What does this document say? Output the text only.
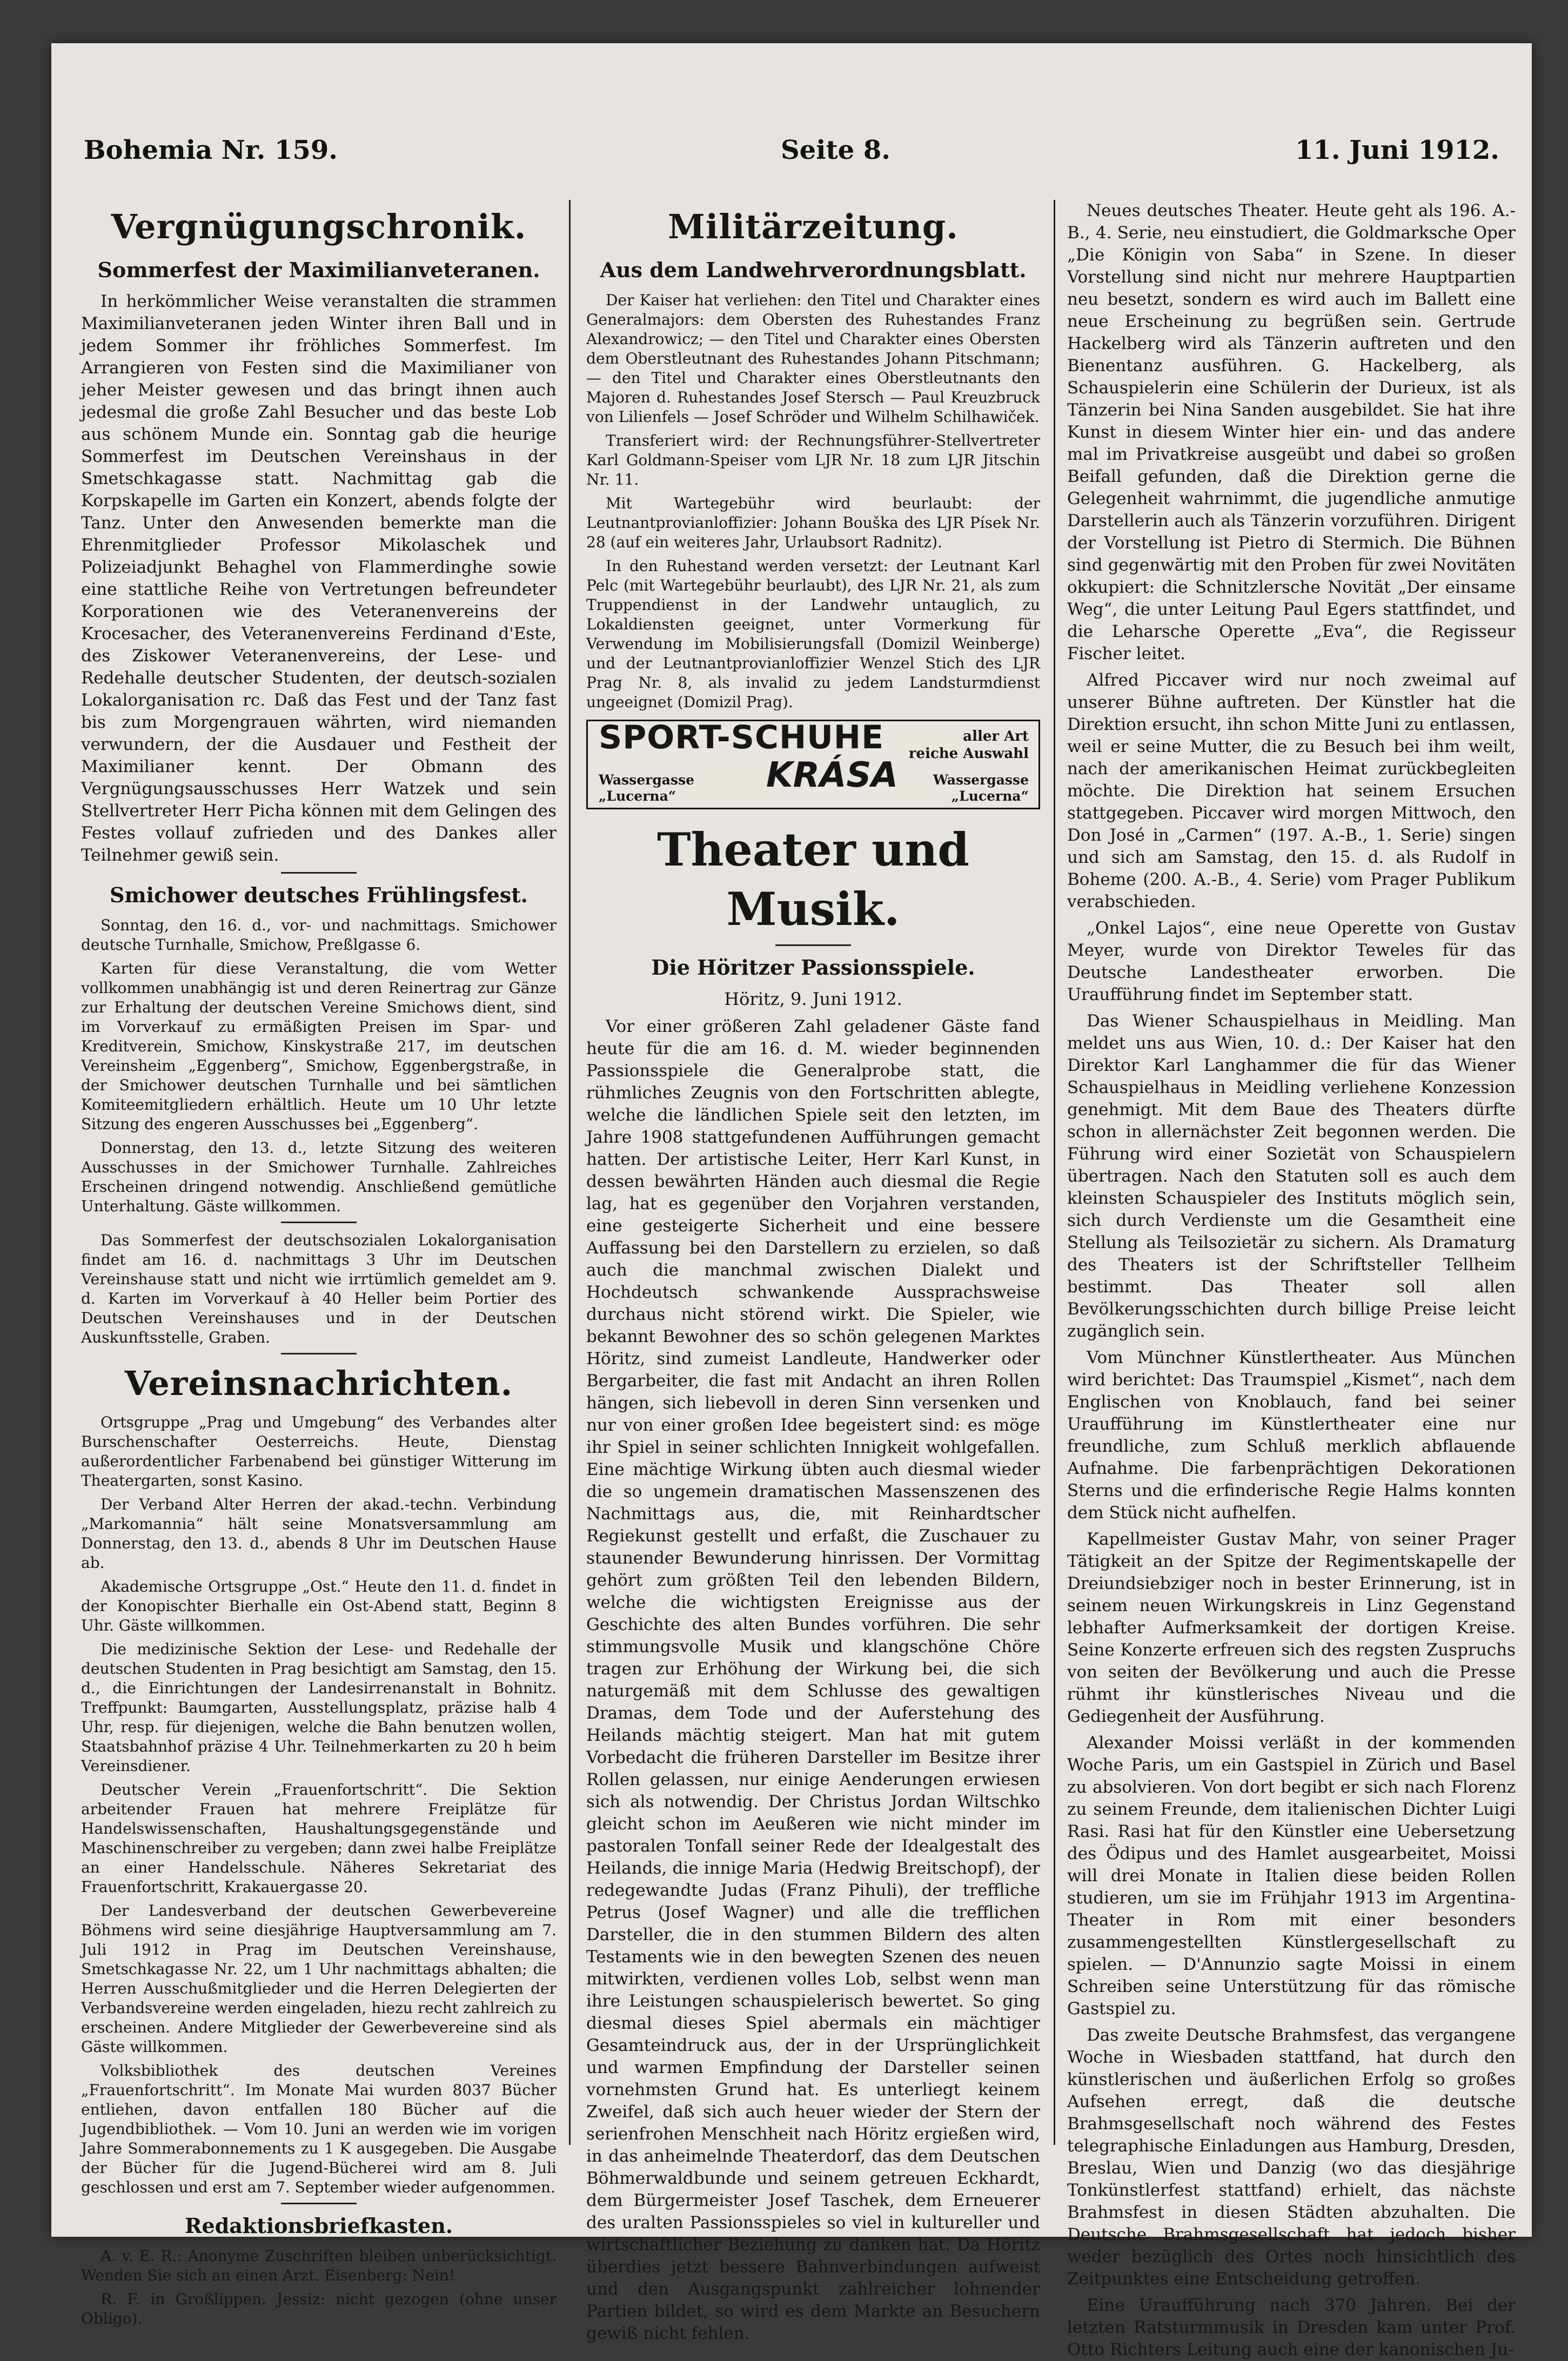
Bohemia Nr. 159.	Seite 8.	11. Juni 1912.
Vergnügungschronik.
Sommerfest der Maximilianveteranen.

In herkömmlicher Weise veranstalten die strammen Maximilianveteranen jeden Winter ihren Ball und in jedem Sommer ihr fröhliches Sommerfest. Im Arrangieren von Festen sind die Maximilianer von jeher Meister gewesen und das bringt ihnen auch jedesmal die große Zahl Besucher und das beste Lob aus schönem Munde ein. Sonntag gab die heurige Sommerfest im Deutschen Vereinshaus in der Smetschkagasse statt. Nachmittag gab die Korpskapelle im Garten ein Konzert, abends folgte der Tanz. Unter den Anwesenden bemerkte man die Ehrenmitglieder Professor Mikolaschek und Polizeiadjunkt Behaghel von Flammerdinghe sowie eine stattliche Reihe von Vertretungen befreundeter Korporationen wie des Veteranenvereins der Krocesacher, des Veteranenvereins Ferdinand d'Este, des Ziskower Veteranenvereins, der Lese- und Redehalle deutscher Studenten, der deutsch-sozialen Lokalorganisation rc. Daß das Fest und der Tanz fast bis zum Morgengrauen währten, wird niemanden verwundern, der die Ausdauer und Festheit der Maximilianer kennt. Der Obmann des Vergnügungsausschusses Herr Watzek und sein Stellvertreter Herr Picha können mit dem Gelingen des Festes vollauf zufrieden und des Dankes aller Teilnehmer gewiß sein.

Smichower deutsches Frühlingsfest.

Sonntag, den 16. d., vor- und nachmittags. Smichower deutsche Turnhalle, Smichow, Preßlgasse 6.

Karten für diese Veranstaltung, die vom Wetter vollkommen unabhängig ist und deren Reinertrag zur Gänze zur Erhaltung der deutschen Vereine Smichows dient, sind im Vorverkauf zu ermäßigten Preisen im Spar- und Kreditverein, Smichow, Kinskystraße 217, im deutschen Vereinsheim „Eggenberg“, Smichow, Eggenbergstraße, in der Smichower deutschen Turnhalle und bei sämtlichen Komiteemitgliedern erhältlich. Heute um 10 Uhr letzte Sitzung des engeren Ausschusses bei „Eggenberg“.

Donnerstag, den 13. d., letzte Sitzung des weiteren Ausschusses in der Smichower Turnhalle. Zahlreiches Erscheinen dringend notwendig. Anschließend gemütliche Unterhaltung. Gäste willkommen.

Das Sommerfest der deutschsozialen Lokalorganisation findet am 16. d. nachmittags 3 Uhr im Deutschen Vereinshause statt und nicht wie irrtümlich gemeldet am 9. d. Karten im Vorverkauf à 40 Heller beim Portier des Deutschen Vereinshauses und in der Deutschen Auskunftsstelle, Graben.

Vereinsnachrichten.

Ortsgruppe „Prag und Umgebung“ des Verbandes alter Burschenschafter Oesterreichs. Heute, Dienstag außerordentlicher Farbenabend bei günstiger Witterung im Theatergarten, sonst Kasino.

Der Verband Alter Herren der akad.-techn. Verbindung „Markomannia“ hält seine Monatsversammlung am Donnerstag, den 13. d., abends 8 Uhr im Deutschen Hause ab.

Akademische Ortsgruppe „Ost.“ Heute den 11. d. findet in der Konopischter Bierhalle ein Ost-Abend statt, Beginn 8 Uhr. Gäste willkommen.

Die medizinische Sektion der Lese- und Redehalle der deutschen Studenten in Prag besichtigt am Samstag, den 15. d., die Einrichtungen der Landesirrenanstalt in Bohnitz. Treffpunkt: Baumgarten, Ausstellungsplatz, präzise halb 4 Uhr, resp. für diejenigen, welche die Bahn benutzen wollen, Staatsbahnhof präzise 4 Uhr. Teilnehmerkarten zu 20 h beim Vereinsdiener.

Deutscher Verein „Frauenfortschritt“. Die Sektion arbeitender Frauen hat mehrere Freiplätze für Handelswissenschaften, Haushaltungsgegenstände und Maschinenschreiber zu vergeben; dann zwei halbe Freiplätze an einer Handelsschule. Näheres Sekretariat des Frauenfortschritt, Krakauergasse 20.

Der Landesverband der deutschen Gewerbevereine Böhmens wird seine diesjährige Hauptversammlung am 7. Juli 1912 in Prag im Deutschen Vereinshause, Smetschkagasse Nr. 22, um 1 Uhr nachmittags abhalten; die Herren Ausschußmitglieder und die Herren Delegierten der Verbandsvereine werden eingeladen, hiezu recht zahlreich zu erscheinen. Andere Mitglieder der Gewerbevereine sind als Gäste willkommen.

Volksbibliothek des deutschen Vereines „Frauenfortschritt“. Im Monate Mai wurden 8037 Bücher entliehen, davon entfallen 180 Bücher auf die Jugendbibliothek. — Vom 10. Juni an werden wie im vorigen Jahre Sommerabonnements zu 1 K ausgegeben. Die Ausgabe der Bücher für die Jugend-Bücherei wird am 8. Juli geschlossen und erst am 7. September wieder aufgenommen.

Redaktionsbriefkasten.

A. v. E. R.: Anonyme Zuschriften bleiben unberücksichtigt. Wenden Sie sich an einen Arzt. Eisenberg: Nein!

R. F. in Großlippen. Jessiz: nicht gezogen (ohne unser Obligo).

Militärzeitung.
Aus dem Landwehrverordnungsblatt.

Der Kaiser hat verliehen: den Titel und Charakter eines Generalmajors: dem Obersten des Ruhestandes Franz Alexandrowicz; — den Titel und Charakter eines Obersten dem Oberstleutnant des Ruhestandes Johann Pitschmann; — den Titel und Charakter eines Oberstleutnants den Majoren d. Ruhestandes Josef Stersch — Paul Kreuzbruck von Lilienfels — Josef Schröder und Wilhelm Schilhawiček.

Transferiert wird: der Rechnungsführer-Stellvertreter Karl Goldmann-Speiser vom LJR Nr. 18 zum LJR Jitschin Nr. 11.

Mit Wartegebühr wird beurlaubt: der Leutnantprovianloffizier: Johann Bouška des LJR Písek Nr. 28 (auf ein weiteres Jahr, Urlaubsort Radnitz).

In den Ruhestand werden versetzt: der Leutnant Karl Pelc (mit Wartegebühr beurlaubt), des LJR Nr. 21, als zum Truppendienst in der Landwehr untauglich, zu Lokaldiensten geeignet, unter Vormerkung für Verwendung im Mobilisierungsfall (Domizil Weinberge) und der Leutnantprovianloffizier Wenzel Stich des LJR Prag Nr. 8, als invalid zu jedem Landsturmdienst ungeeignet (Domizil Prag).

SPORT-SCHUHE
KRÁSA
aller Art
reiche Auswahl
Wassergasse
„Lucerna“
Wassergasse
„Lucerna“
Theater und Musik.
Die Höritzer Passionsspiele.
Höritz, 9. Juni 1912.

Vor einer größeren Zahl geladener Gäste fand heute für die am 16. d. M. wieder beginnenden Passionsspiele die Generalprobe statt, die rühmliches Zeugnis von den Fortschritten ablegte, welche die ländlichen Spiele seit den letzten, im Jahre 1908 stattgefundenen Aufführungen gemacht hatten. Der artistische Leiter, Herr Karl Kunst, in dessen bewährten Händen auch diesmal die Regie lag, hat es gegenüber den Vorjahren verstanden, eine gesteigerte Sicherheit und eine bessere Auffassung bei den Darstellern zu erzielen, so daß auch die manchmal zwischen Dialekt und Hochdeutsch schwankende Aussprachsweise durchaus nicht störend wirkt. Die Spieler, wie bekannt Bewohner des so schön gelegenen Marktes Höritz, sind zumeist Landleute, Handwerker oder Bergarbeiter, die fast mit Andacht an ihren Rollen hängen, sich liebevoll in deren Sinn versenken und nur von einer großen Idee begeistert sind: es möge ihr Spiel in seiner schlichten Innigkeit wohlgefallen. Eine mächtige Wirkung übten auch diesmal wieder die so ungemein dramatischen Massenszenen des Nachmittags aus, die, mit Reinhardtscher Regiekunst gestellt und erfaßt, die Zuschauer zu staunender Bewunderung hinrissen. Der Vormittag gehört zum größten Teil den lebenden Bildern, welche die wichtigsten Ereignisse aus der Geschichte des alten Bundes vorführen. Die sehr stimmungsvolle Musik und klangschöne Chöre tragen zur Erhöhung der Wirkung bei, die sich naturgemäß mit dem Schlusse des gewaltigen Dramas, dem Tode und der Auferstehung des Heilands mächtig steigert. Man hat mit gutem Vorbedacht die früheren Darsteller im Besitze ihrer Rollen gelassen, nur einige Aenderungen erwiesen sich als notwendig. Der Christus Jordan Wiltschko gleicht schon im Aeußeren wie nicht minder im pastoralen Tonfall seiner Rede der Idealgestalt des Heilands, die innige Maria (Hedwig Breitschopf), der redegewandte Judas (Franz Pihuli), der treffliche Petrus (Josef Wagner) und alle die trefflichen Darsteller, die in den stummen Bildern des alten Testaments wie in den bewegten Szenen des neuen mitwirkten, verdienen volles Lob, selbst wenn man ihre Leistungen schauspielerisch bewertet. So ging diesmal dieses Spiel abermals ein mächtiger Gesamteindruck aus, der in der Ursprünglichkeit und warmen Empfindung der Darsteller seinen vornehmsten Grund hat. Es unterliegt keinem Zweifel, daß sich auch heuer wieder der Stern der serienfrohen Menschheit nach Höritz ergießen wird, in das anheimelnde Theaterdorf, das dem Deutschen Böhmerwaldbunde und seinem getreuen Eckhardt, dem Bürgermeister Josef Taschek, dem Erneuerer des uralten Passionsspieles so viel in kultureller und wirtschaftlicher Beziehung zu danken hat. Da Höritz überdies jetzt bessere Bahnverbindungen aufweist und den Ausgangspunkt zahlreicher lohnender Partien bildet, so wird es dem Markte an Besuchern gewiß nicht fehlen.

Neues deutsches Theater. Heute geht als 196. A.-B., 4. Serie, neu einstudiert, die Goldmarksche Oper „Die Königin von Saba“ in Szene. In dieser Vorstellung sind nicht nur mehrere Hauptpartien neu besetzt, sondern es wird auch im Ballett eine neue Erscheinung zu begrüßen sein. Gertrude Hackelberg wird als Tänzerin auftreten und den Bienentanz ausführen. G. Hackelberg, als Schauspielerin eine Schülerin der Durieux, ist als Tänzerin bei Nina Sanden ausgebildet. Sie hat ihre Kunst in diesem Winter hier ein- und das andere mal im Privatkreise ausgeübt und dabei so großen Beifall gefunden, daß die Direktion gerne die Gelegenheit wahrnimmt, die jugendliche anmutige Darstellerin auch als Tänzerin vorzuführen. Dirigent der Vorstellung ist Pietro di Stermich. Die Bühnen sind gegenwärtig mit den Proben für zwei Novitäten okkupiert: die Schnitzlersche Novität „Der einsame Weg“, die unter Leitung Paul Egers stattfindet, und die Leharsche Operette „Eva“, die Regisseur Fischer leitet.

Alfred Piccaver wird nur noch zweimal auf unserer Bühne auftreten. Der Künstler hat die Direktion ersucht, ihn schon Mitte Juni zu entlassen, weil er seine Mutter, die zu Besuch bei ihm weilt, nach der amerikanischen Heimat zurückbegleiten möchte. Die Direktion hat seinem Ersuchen stattgegeben. Piccaver wird morgen Mittwoch, den Don José in „Carmen“ (197. A.-B., 1. Serie) singen und sich am Samstag, den 15. d. als Rudolf in Boheme (200. A.-B., 4. Serie) vom Prager Publikum verabschieden.

„Onkel Lajos“, eine neue Operette von Gustav Meyer, wurde von Direktor Teweles für das Deutsche Landestheater erworben. Die Uraufführung findet im September statt.

Das Wiener Schauspielhaus in Meidling. Man meldet uns aus Wien, 10. d.: Der Kaiser hat den Direktor Karl Langhammer die für das Wiener Schauspielhaus in Meidling verliehene Konzession genehmigt. Mit dem Baue des Theaters dürfte schon in allernächster Zeit begonnen werden. Die Führung wird einer Sozietät von Schauspielern übertragen. Nach den Statuten soll es auch dem kleinsten Schauspieler des Instituts möglich sein, sich durch Verdienste um die Gesamtheit eine Stellung als Teilsozietär zu sichern. Als Dramaturg des Theaters ist der Schriftsteller Tellheim bestimmt. Das Theater soll allen Bevölkerungsschichten durch billige Preise leicht zugänglich sein.

Vom Münchner Künstlertheater. Aus München wird berichtet: Das Traumspiel „Kismet“, nach dem Englischen von Knoblauch, fand bei seiner Uraufführung im Künstlertheater eine nur freundliche, zum Schluß merklich abflauende Aufnahme. Die farbenprächtigen Dekorationen Sterns und die erfinderische Regie Halms konnten dem Stück nicht aufhelfen.

Kapellmeister Gustav Mahr, von seiner Prager Tätigkeit an der Spitze der Regimentskapelle der Dreiundsiebziger noch in bester Erinnerung, ist in seinem neuen Wirkungskreis in Linz Gegenstand lebhafter Aufmerksamkeit der dortigen Kreise. Seine Konzerte erfreuen sich des regsten Zuspruchs von seiten der Bevölkerung und auch die Presse rühmt ihr künstlerisches Niveau und die Gediegenheit der Ausführung.

Alexander Moissi verläßt in der kommenden Woche Paris, um ein Gastspiel in Zürich und Basel zu absolvieren. Von dort begibt er sich nach Florenz zu seinem Freunde, dem italienischen Dichter Luigi Rasi. Rasi hat für den Künstler eine Uebersetzung des Ödipus und des Hamlet ausgearbeitet, Moissi will drei Monate in Italien diese beiden Rollen studieren, um sie im Frühjahr 1913 im Argentina-Theater in Rom mit einer besonders zusammengestellten Künstlergesellschaft zu spielen. — D'Annunzio sagte Moissi in einem Schreiben seine Unterstützung für das römische Gastspiel zu.

Das zweite Deutsche Brahmsfest, das vergangene Woche in Wiesbaden stattfand, hat durch den künstlerischen und äußerlichen Erfolg so großes Aufsehen erregt, daß die deutsche Brahmsgesellschaft noch während des Festes telegraphische Einladungen aus Hamburg, Dresden, Breslau, Wien und Danzig (wo das diesjährige Tonkünstlerfest stattfand) erhielt, das nächste Brahmsfest in diesen Städten abzuhalten. Die Deutsche Brahmsgesellschaft hat jedoch bisher weder bezüglich des Ortes noch hinsichtlich des Zeitpunktes eine Entscheidung getroffen.

Eine Uraufführung nach 370 Jahren. Bei der letzten Ratsturmmusik in Dresden kam unter Prof. Otto Richters Leitung auch eine der kanonischen Ju-
